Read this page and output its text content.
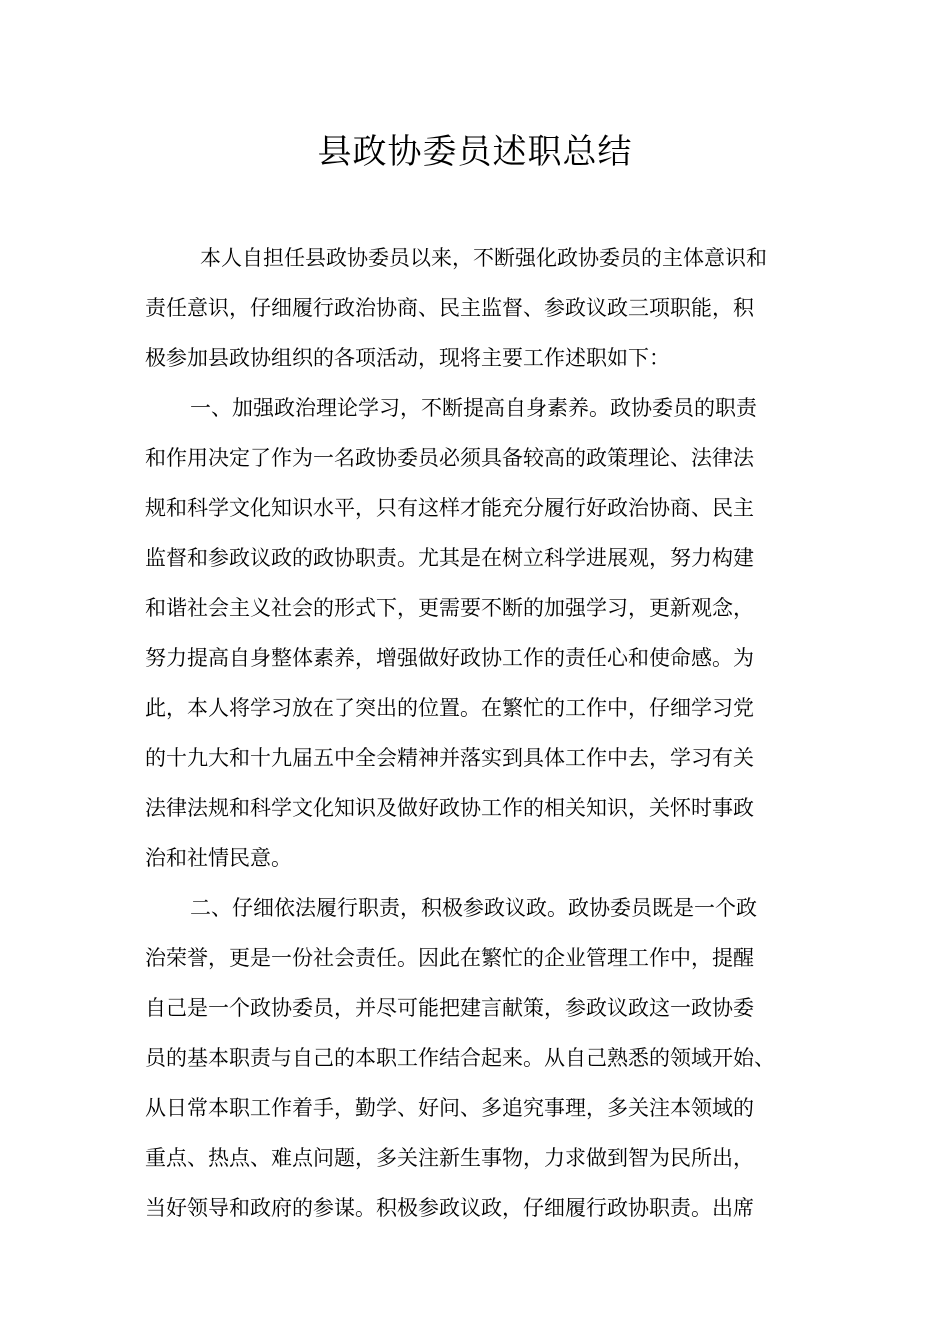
县政协委员述职总结
本人自担任县政协委员以来，不断强化政协委员的主体意识和
责任意识，仔细履行政治协商、民主监督、参政议政三项职能，积
极参加县政协组织的各项活动，现将主要工作述职如下：
一、加强政治理论学习，不断提高自身素养。政协委员的职责
和作用决定了作为一名政协委员必须具备较高的政策理论、法律法
规和科学文化知识水平，只有这样才能充分履行好政治协商、民主
监督和参政议政的政协职责。尤其是在树立科学进展观，努力构建
和谐社会主义社会的形式下，更需要不断的加强学习，更新观念，
努力提高自身整体素养，增强做好政协工作的责任心和使命感。为
此，本人将学习放在了突出的位置。在繁忙的工作中，仔细学习党
的十九大和十九届五中全会精神并落实到具体工作中去，学习有关
法律法规和科学文化知识及做好政协工作的相关知识，关怀时事政
治和社情民意。
二、仔细依法履行职责，积极参政议政。政协委员既是一个政
治荣誉，更是一份社会责任。因此在繁忙的企业管理工作中，提醒
自己是一个政协委员，并尽可能把建言献策，参政议政这一政协委
员的基本职责与自己的本职工作结合起来。从自己熟悉的领域开始、
从日常本职工作着手，勤学、好问、多追究事理，多关注本领域的
重点、热点、难点问题，多关注新生事物，力求做到智为民所出，
当好领导和政府的参谋。积极参政议政，仔细履行政协职责。出席
